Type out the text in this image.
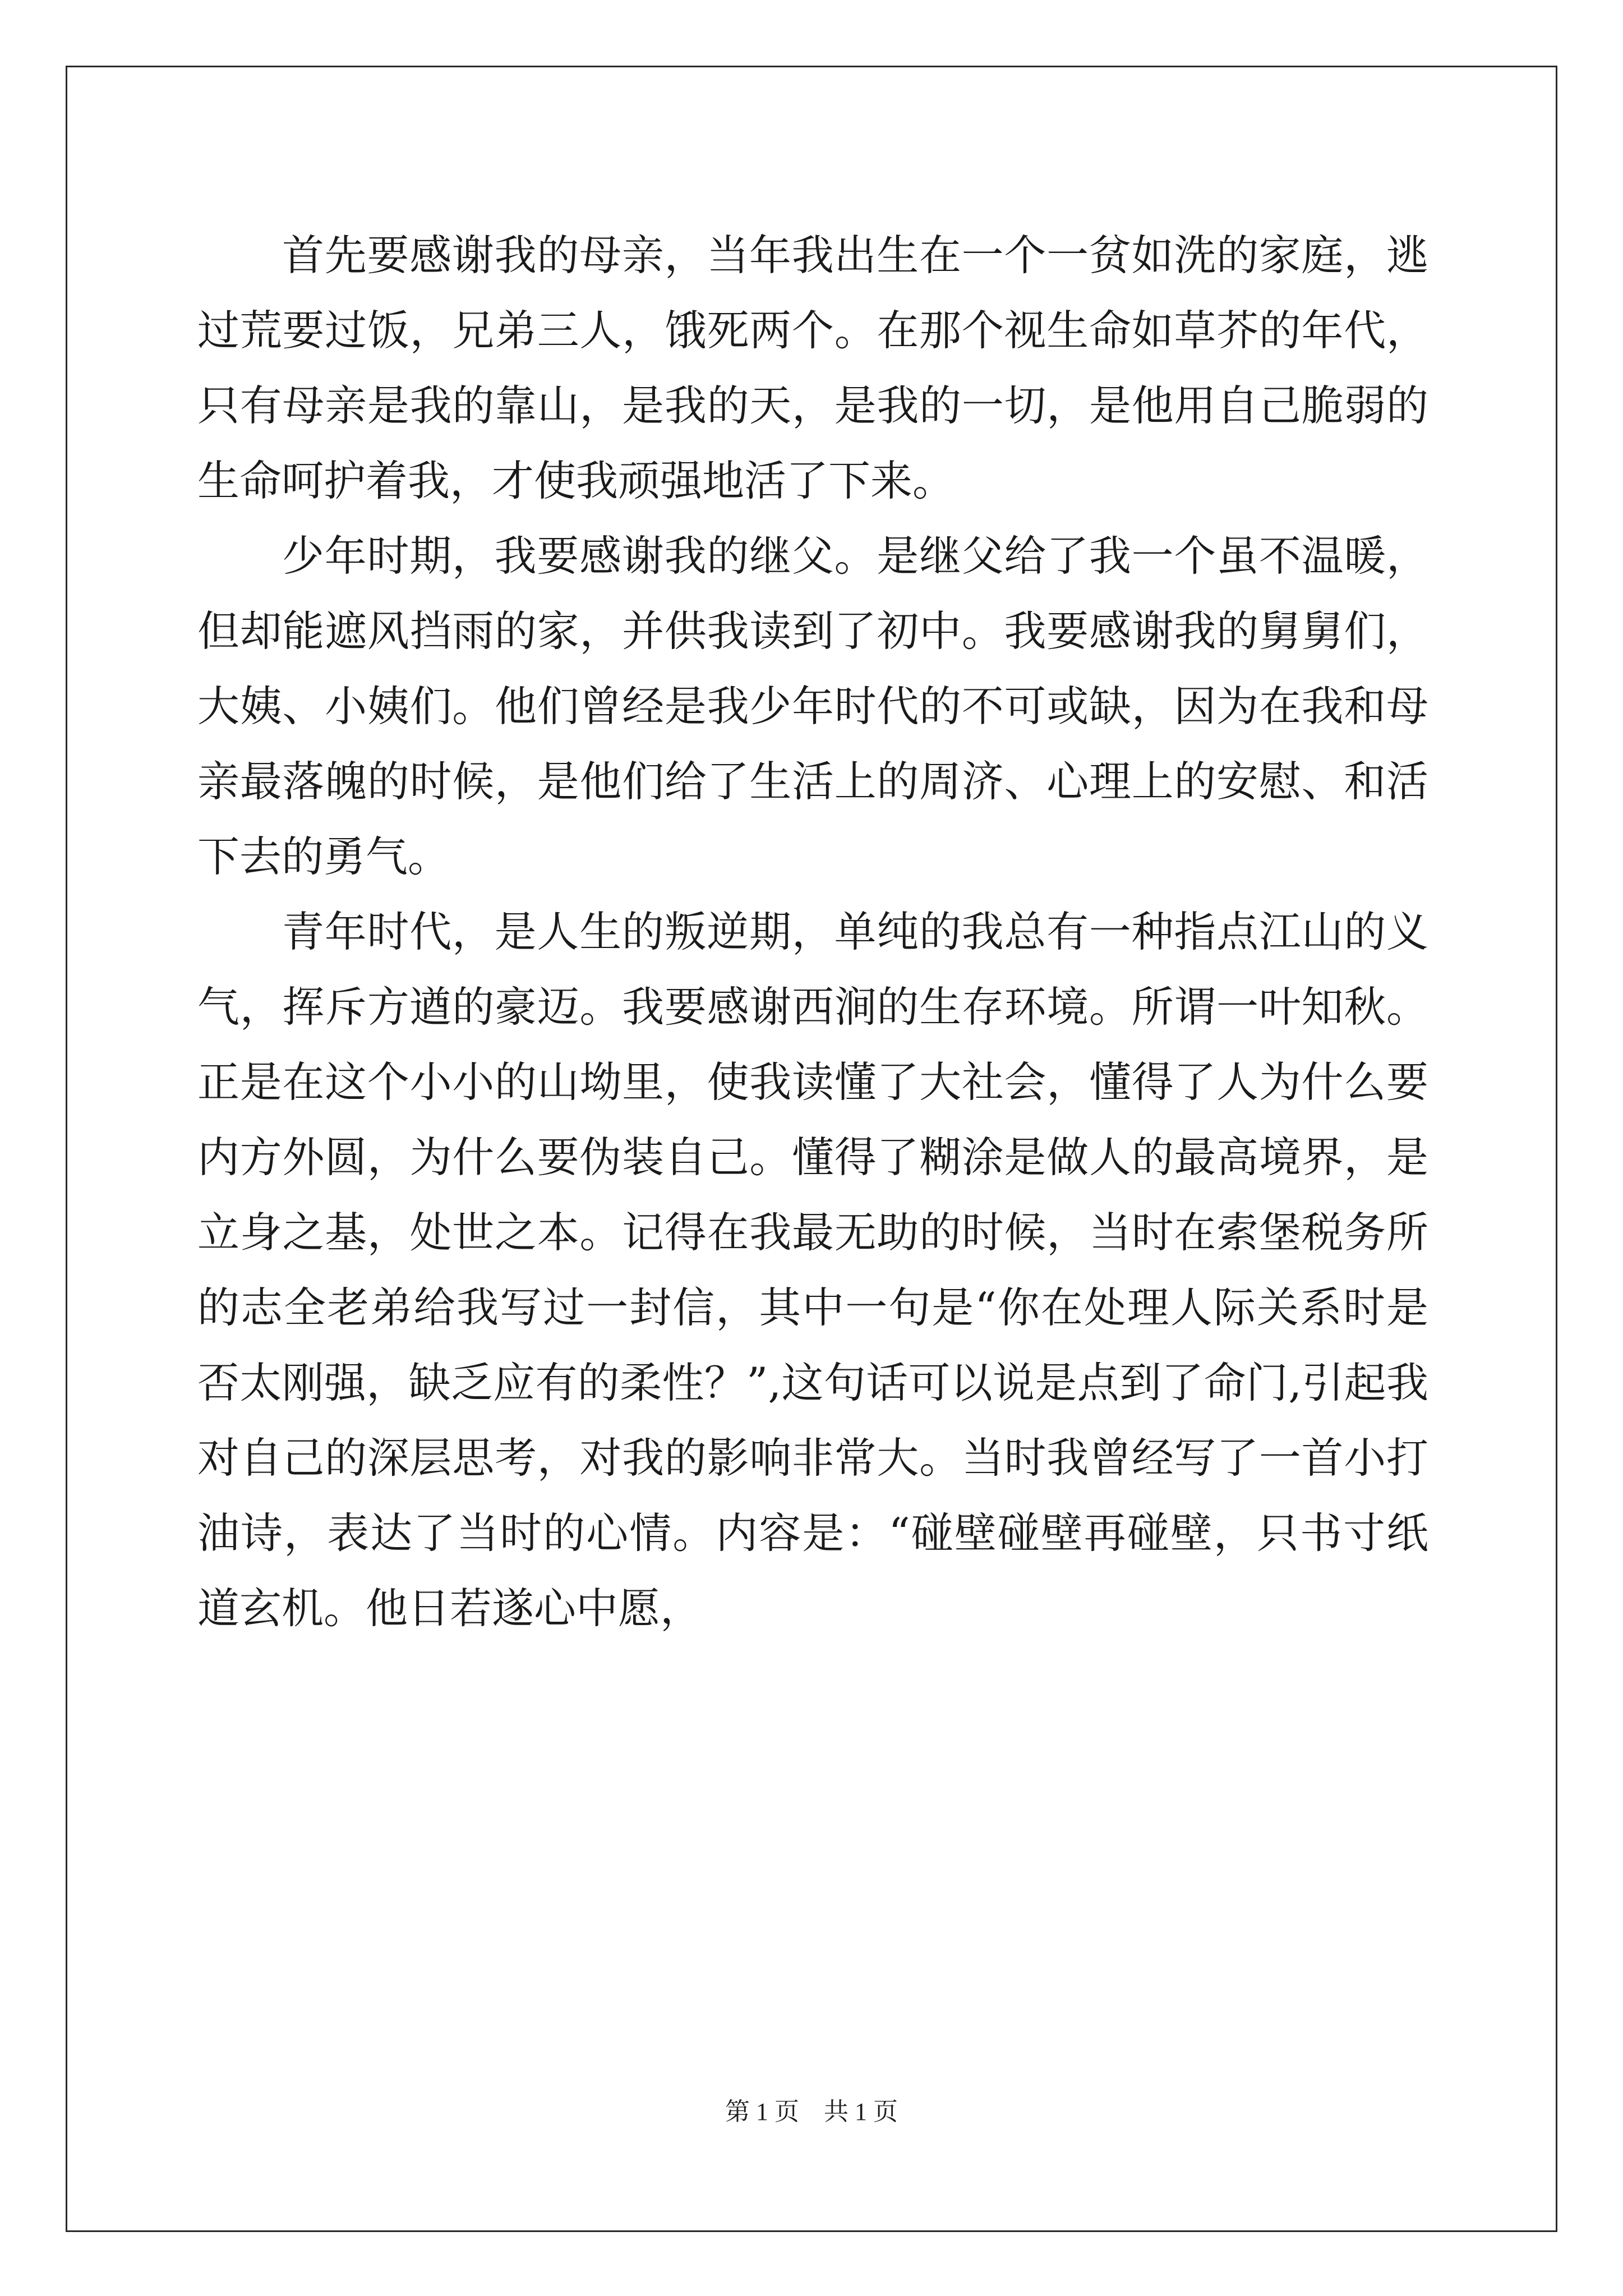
首先要感谢我的母亲，当年我出生在一个一贫如洗的家庭，逃过荒要过饭，兄弟三人，饿死两个。在那个视生命如草芥的年代，只有母亲是我的靠山，是我的天，是我的一切，是他用自己脆弱的生命呵护着我，才使我顽强地活了下来。

少年时期，我要感谢我的继父。是继父给了我一个虽不温暖，但却能遮风挡雨的家，并供我读到了初中。我要感谢我的舅舅们，大姨、小姨们。他们曾经是我少年时代的不可或缺，因为在我和母亲最落魄的时候，是他们给了生活上的周济、心理上的安慰、和活下去的勇气。

青年时代，是人生的叛逆期，单纯的我总有一种指点江山的义气，挥斥方遒的豪迈。我要感谢西涧的生存环境。所谓一叶知秋。正是在这个小小的山坳里，使我读懂了大社会，懂得了人为什么要内方外圆，为什么要伪装自己。懂得了糊涂是做人的最高境界，是立身之基，处世之本。记得在我最无助的时候，当时在索堡税务所的志全老弟给我写过一封信，其中一句是“你在处理人际关系时是否太刚强，缺乏应有的柔性？”,这句话可以说是点到了命门,引起我对自己的深层思考，对我的影响非常大。当时我曾经写了一首小打油诗，表达了当时的心情。内容是：“碰壁碰壁再碰壁，只书寸纸道玄机。他日若遂心中愿，

第 1 页 共 1 页
